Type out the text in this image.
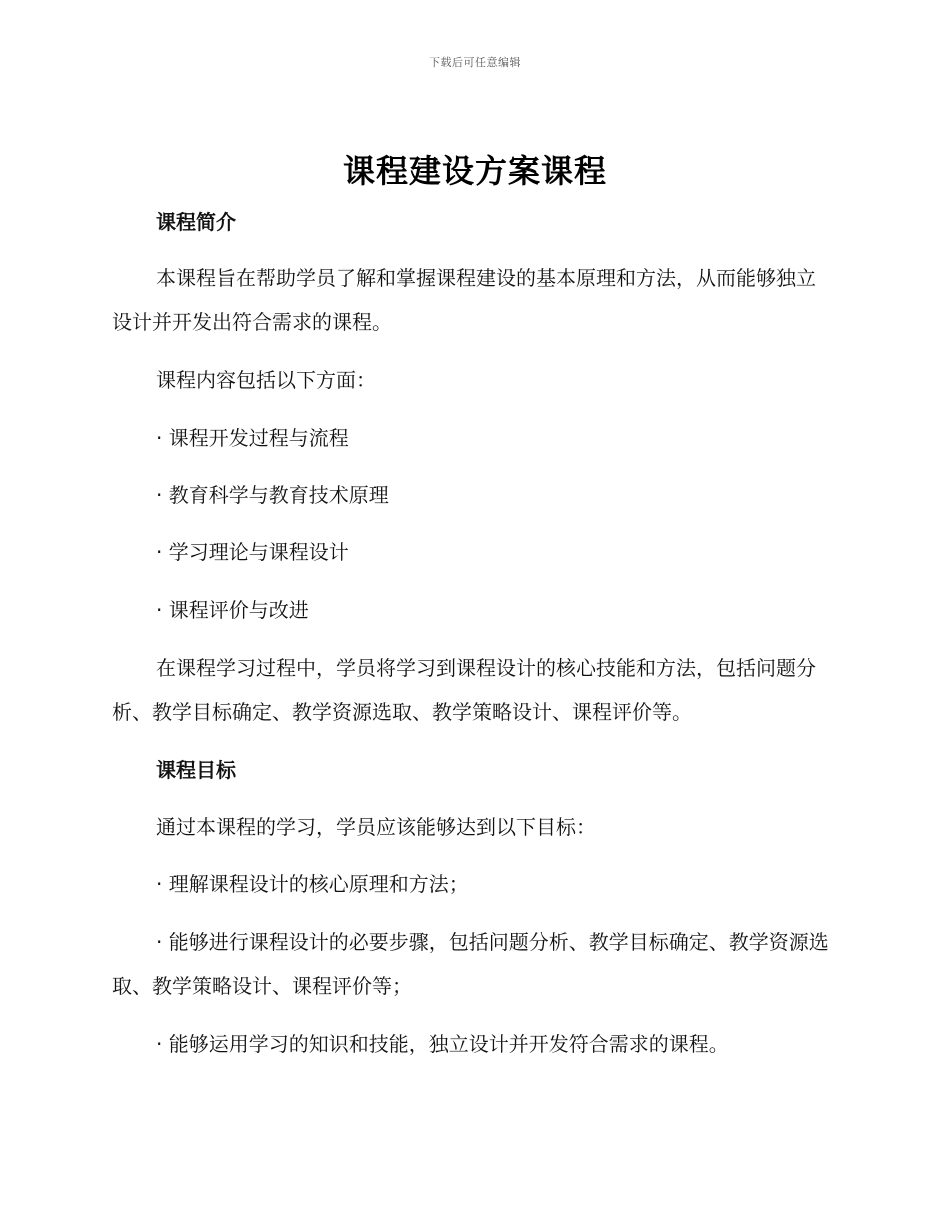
下载后可任意编辑
课程建设方案课程

课程简介

本课程旨在帮助学员了解和掌握课程建设的基本原理和方法，从而能够独立设计并开发出符合需求的课程。

课程内容包括以下方面：

· 课程开发过程与流程

· 教育科学与教育技术原理

· 学习理论与课程设计

· 课程评价与改进

在课程学习过程中，学员将学习到课程设计的核心技能和方法，包括问题分析、教学目标确定、教学资源选取、教学策略设计、课程评价等。

课程目标

通过本课程的学习，学员应该能够达到以下目标：

· 理解课程设计的核心原理和方法；

· 能够进行课程设计的必要步骤，包括问题分析、教学目标确定、教学资源选取、教学策略设计、课程评价等；

· 能够运用学习的知识和技能，独立设计并开发符合需求的课程。
